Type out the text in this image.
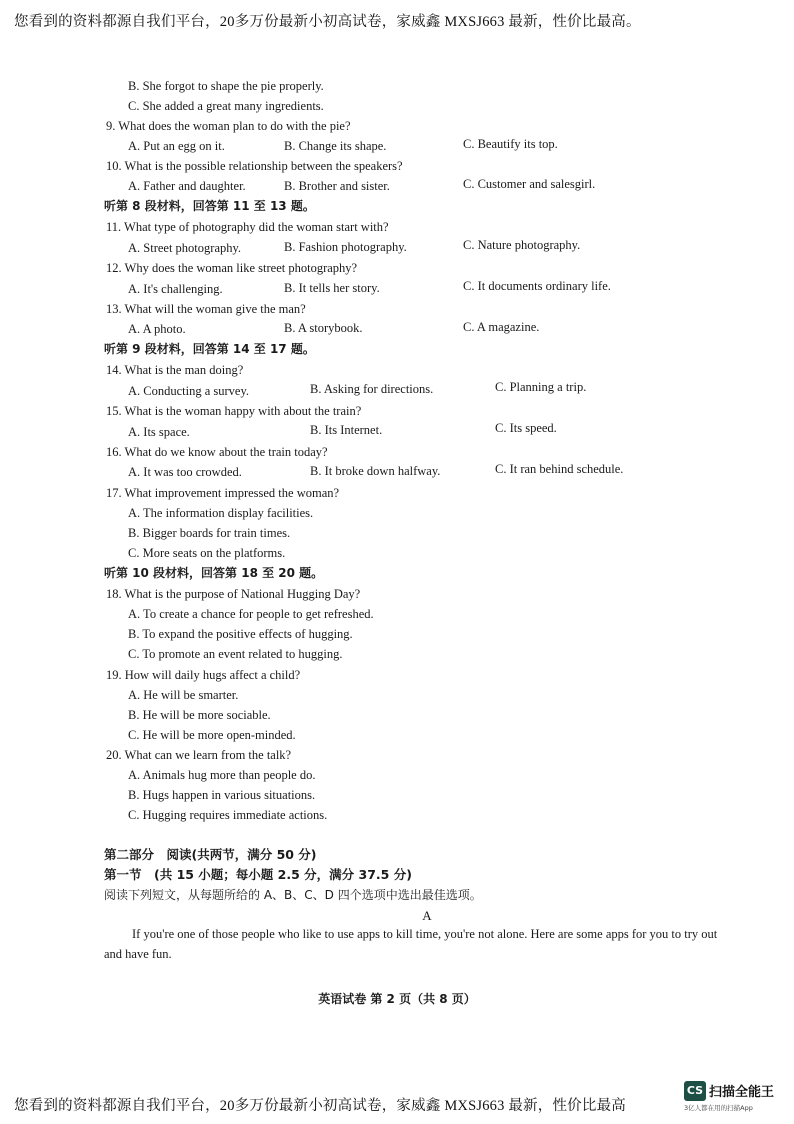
您看到的资料都源自我们平台，20多万份最新小初高试卷，家威鑫 MXSJ663 最新，性价比最高。
B. She forgot to shape the pie properly.
C. She added a great many ingredients.
9. What does the woman plan to do with the pie?
A. Put an egg on it.	B. Change its shape.	C. Beautify its top.
10. What is the possible relationship between the speakers?
A. Father and daughter.	B. Brother and sister.	C. Customer and salesgirl.
听第 8 段材料，回答第 11 至 13 题。
11. What type of photography did the woman start with?
A. Street photography.	B. Fashion photography.	C. Nature photography.
12. Why does the woman like street photography?
A. It's challenging.	B. It tells her story.	C. It documents ordinary life.
13. What will the woman give the man?
A. A photo.	B. A storybook.	C. A magazine.
听第 9 段材料，回答第 14 至 17 题。
14. What is the man doing?
A. Conducting a survey.	B. Asking for directions.	C. Planning a trip.
15. What is the woman happy with about the train?
A. Its space.	B. Its Internet.	C. Its speed.
16. What do we know about the train today?
A. It was too crowded.	B. It broke down halfway.	C. It ran behind schedule.
17. What improvement impressed the woman?
A. The information display facilities.
B. Bigger boards for train times.
C. More seats on the platforms.
听第 10 段材料，回答第 18 至 20 题。
18. What is the purpose of National Hugging Day?
A. To create a chance for people to get refreshed.
B. To expand the positive effects of hugging.
C. To promote an event related to hugging.
19. How will daily hugs affect a child?
A. He will be smarter.
B. He will be more sociable.
C. He will be more open-minded.
20. What can we learn from the talk?
A. Animals hug more than people do.
B. Hugs happen in various situations.
C. Hugging requires immediate actions.
第二部分　阅读(共两节，满分 50 分)
第一节　(共 15 小题；每小题 2.5 分，满分 37.5 分)
阅读下列短文，从每题所给的 A、B、C、D 四个选项中选出最佳选项。
A
If you're one of those people who like to use apps to kill time, you're not alone. Here are some apps for you to try out and have fun.
英语试卷 第 2 页（共 8 页）
您看到的资料都源自我们平台，20多万份最新小初高试卷，家威鑫 MXSJ663 最新，性价比最高
CS 扫描全能王
3亿人都在用的扫描App
